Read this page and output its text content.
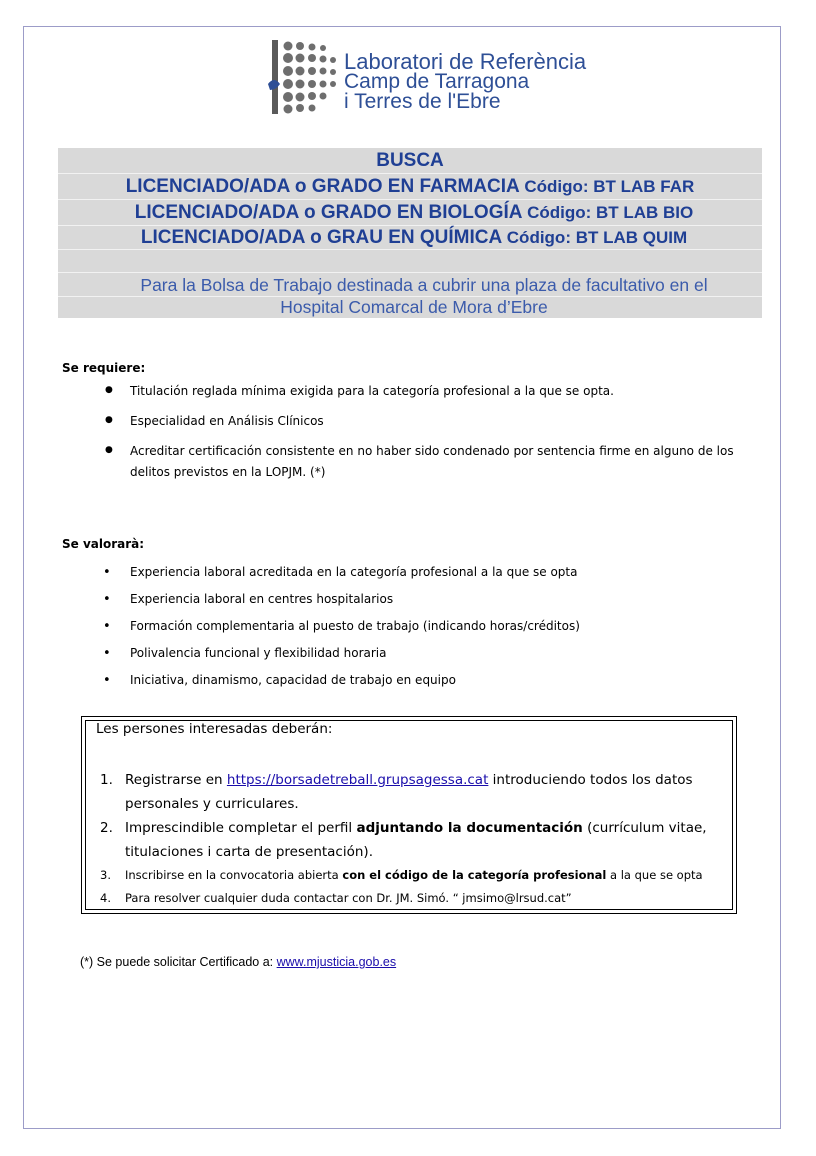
Laboratori de Referència
Camp de Tarragona
i Terres de l'Ebre
BUSCA
LICENCIADO/ADA o GRADO EN FARMACIA Código: BT LAB FAR
LICENCIADO/ADA o GRADO EN BIOLOGÍA Código: BT LAB BIO
LICENCIADO/ADA o GRAU EN QUÍMICA Código: BT LAB QUIM
Para la Bolsa de Trabajo destinada a cubrir una plaza de facultativo en el
Hospital Comarcal de Mora d’Ebre
Se requiere:
● Titulación reglada mínima exigida para la categoría profesional a la que se opta.
● Especialidad en Análisis Clínicos
● Acreditar certificación consistente en no haber sido condenado por sentencia firme en alguno de los delitos previstos en la LOPJM. (*)
Se valorarà:
• Experiencia laboral acreditada en la categoría profesional a la que se opta
• Experiencia laboral en centres hospitalarios
• Formación complementaria al puesto de trabajo (indicando horas/créditos)
• Polivalencia funcional y flexibilidad horaria
• Iniciativa, dinamismo, capacidad de trabajo en equipo
Les persones interesadas deberán:
1. Registrarse en https://borsadetreball.grupsagessa.cat introduciendo todos los datos personales y curriculares.
2. Imprescindible completar el perfil adjuntando la documentación (currículum vitae, titulaciones i carta de presentación).
3. Inscribirse en la convocatoria abierta con el código de la categoría profesional a la que se opta
4. Para resolver cualquier duda contactar con Dr. JM. Simó. “ jmsimo@lrsud.cat”
(*) Se puede solicitar Certificado a: www.mjusticia.gob.es
